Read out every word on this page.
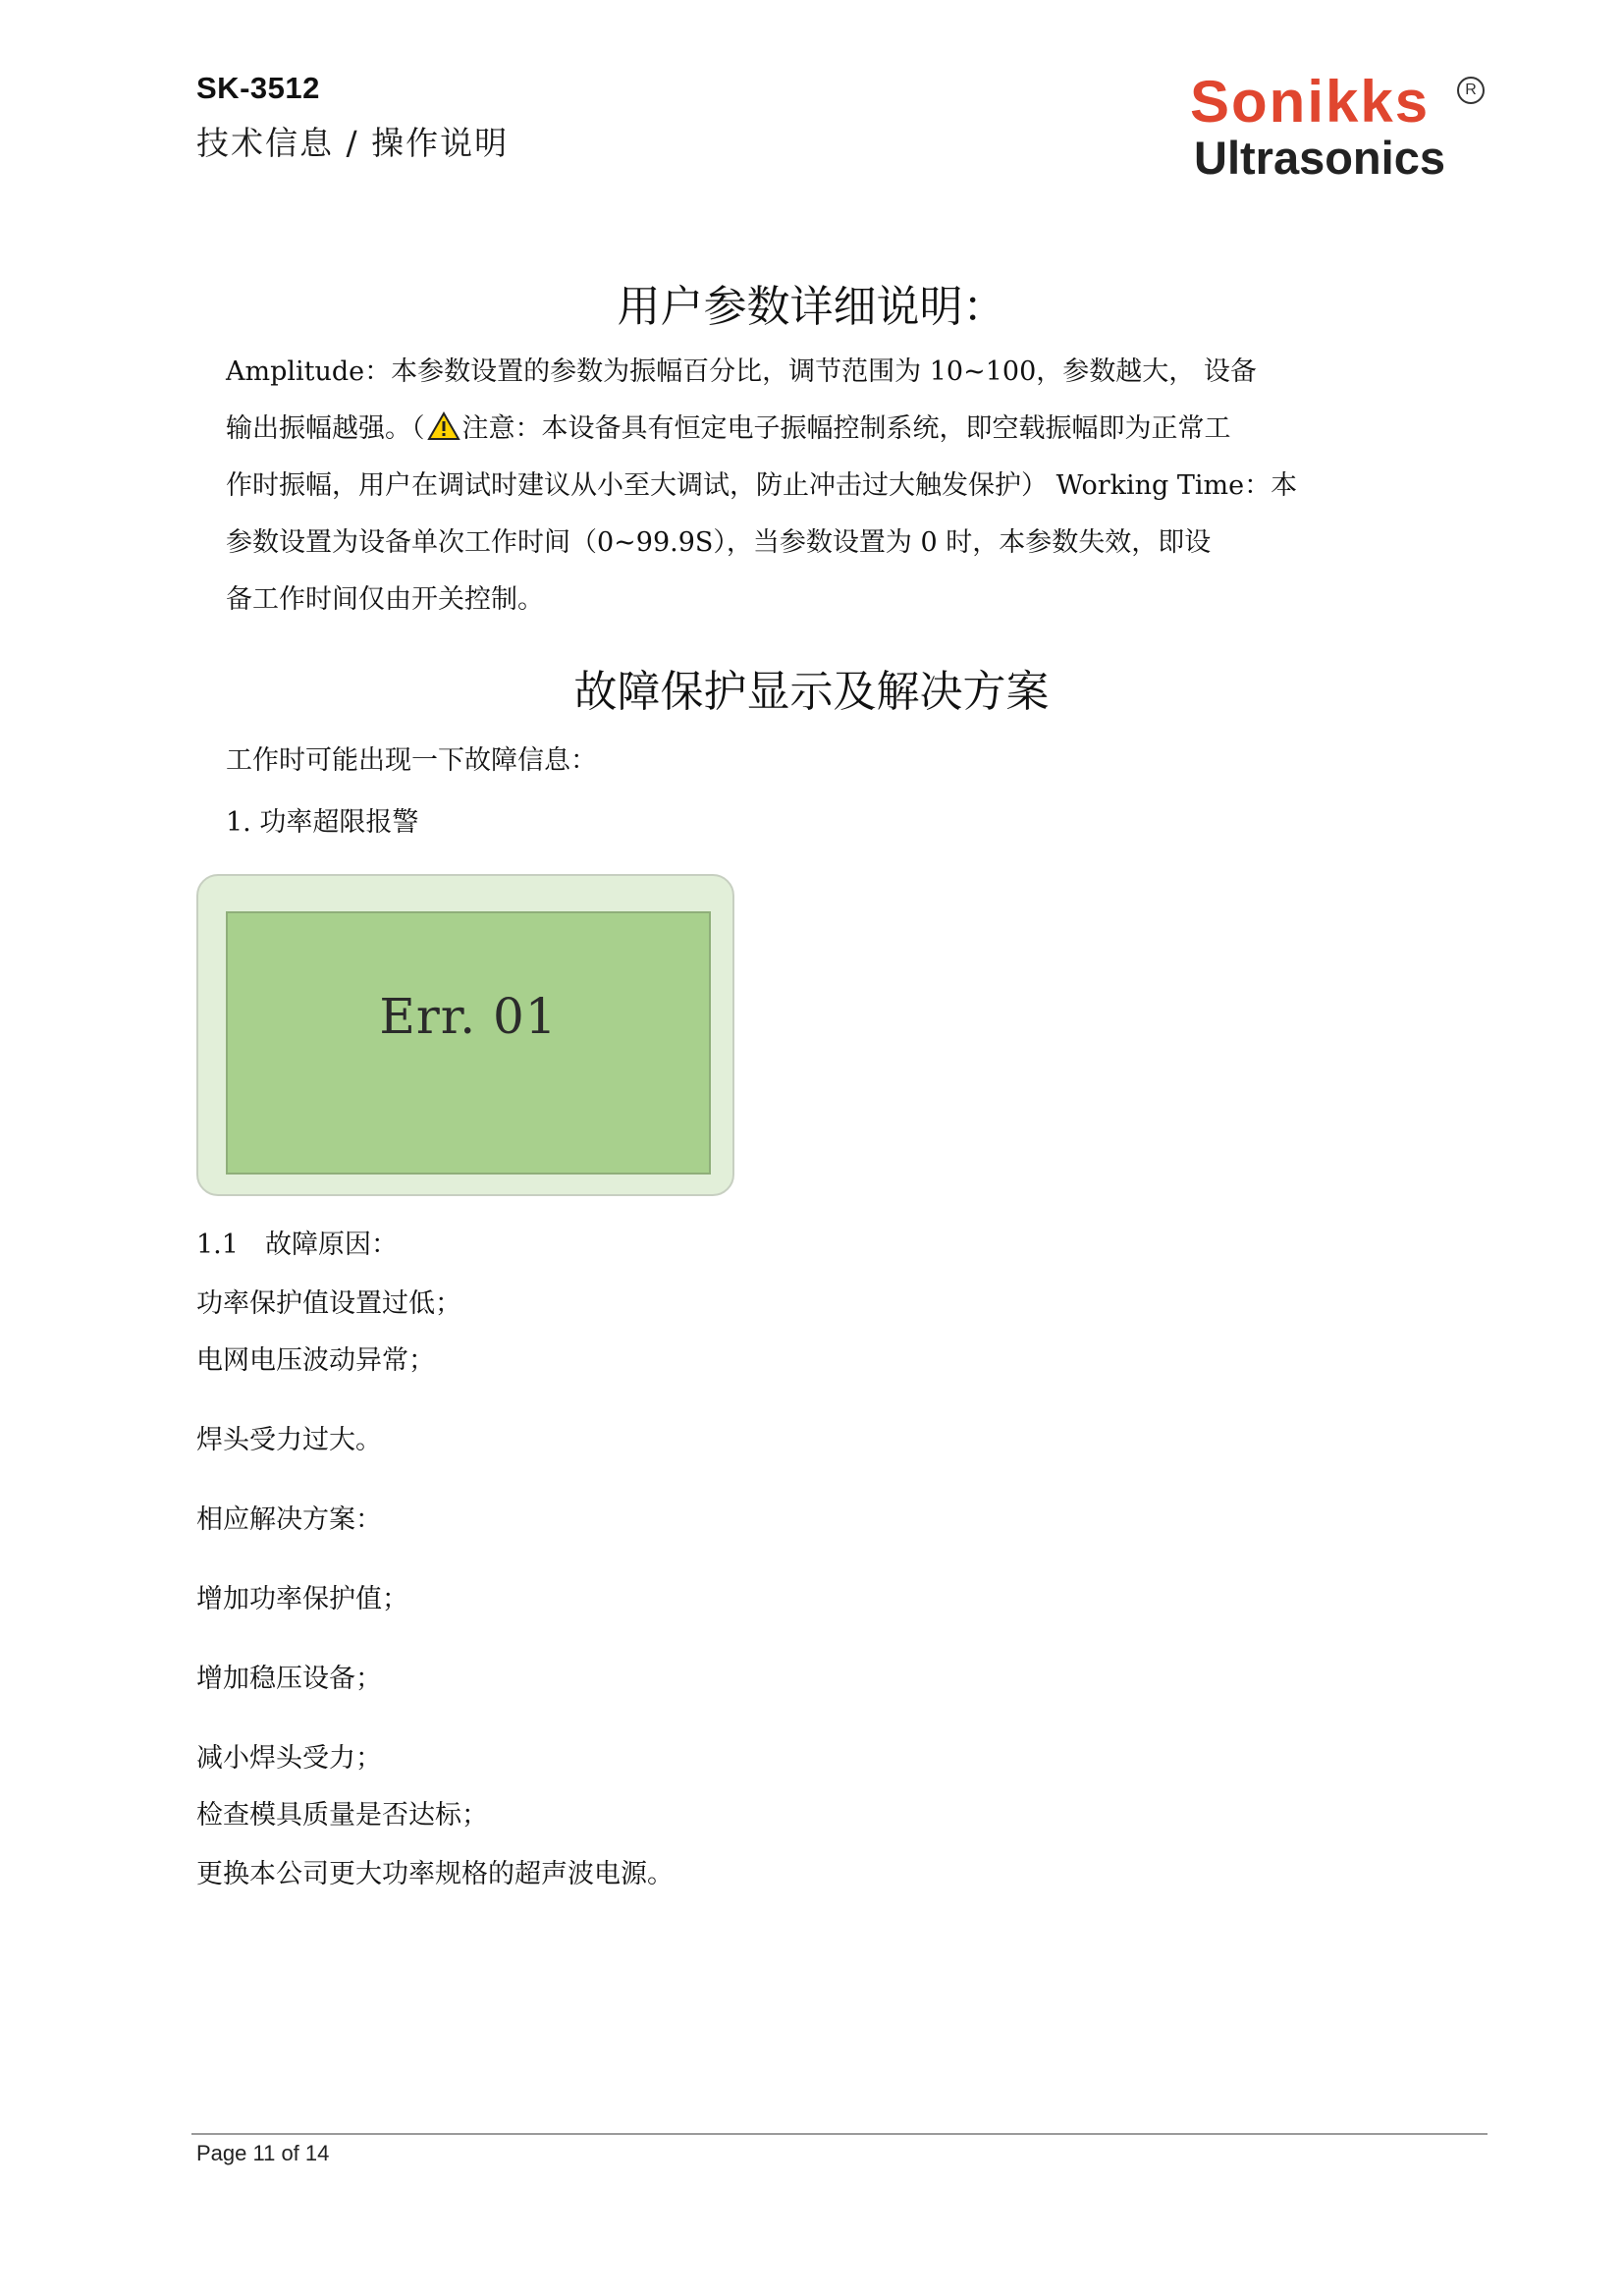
SK-3512
技术信息 / 操作说明
Sonikks
Ultrasonics
R
用户参数详细说明：
Amplitude：本参数设置的参数为振幅百分比，调节范围为 10~100，参数越大， 设备
输出振幅越强。（ 注意：本设备具有恒定电子振幅控制系统，即空载振幅即为正常工
作时振幅，用户在调试时建议从小至大调试，防止冲击过大触发保护） Working Time：本
参数设置为设备单次工作时间（0~99.9S），当参数设置为 0 时，本参数失效，即设
备工作时间仅由开关控制。
故障保护显示及解决方案
工作时可能出现一下故障信息：
1. 功率超限报警
Err. 01
1.1　故障原因：
功率保护值设置过低；
电网电压波动异常；
焊头受力过大。
相应解决方案：
增加功率保护值；
增加稳压设备；
减小焊头受力；
检查模具质量是否达标；
更换本公司更大功率规格的超声波电源。
Page 11 of 14
